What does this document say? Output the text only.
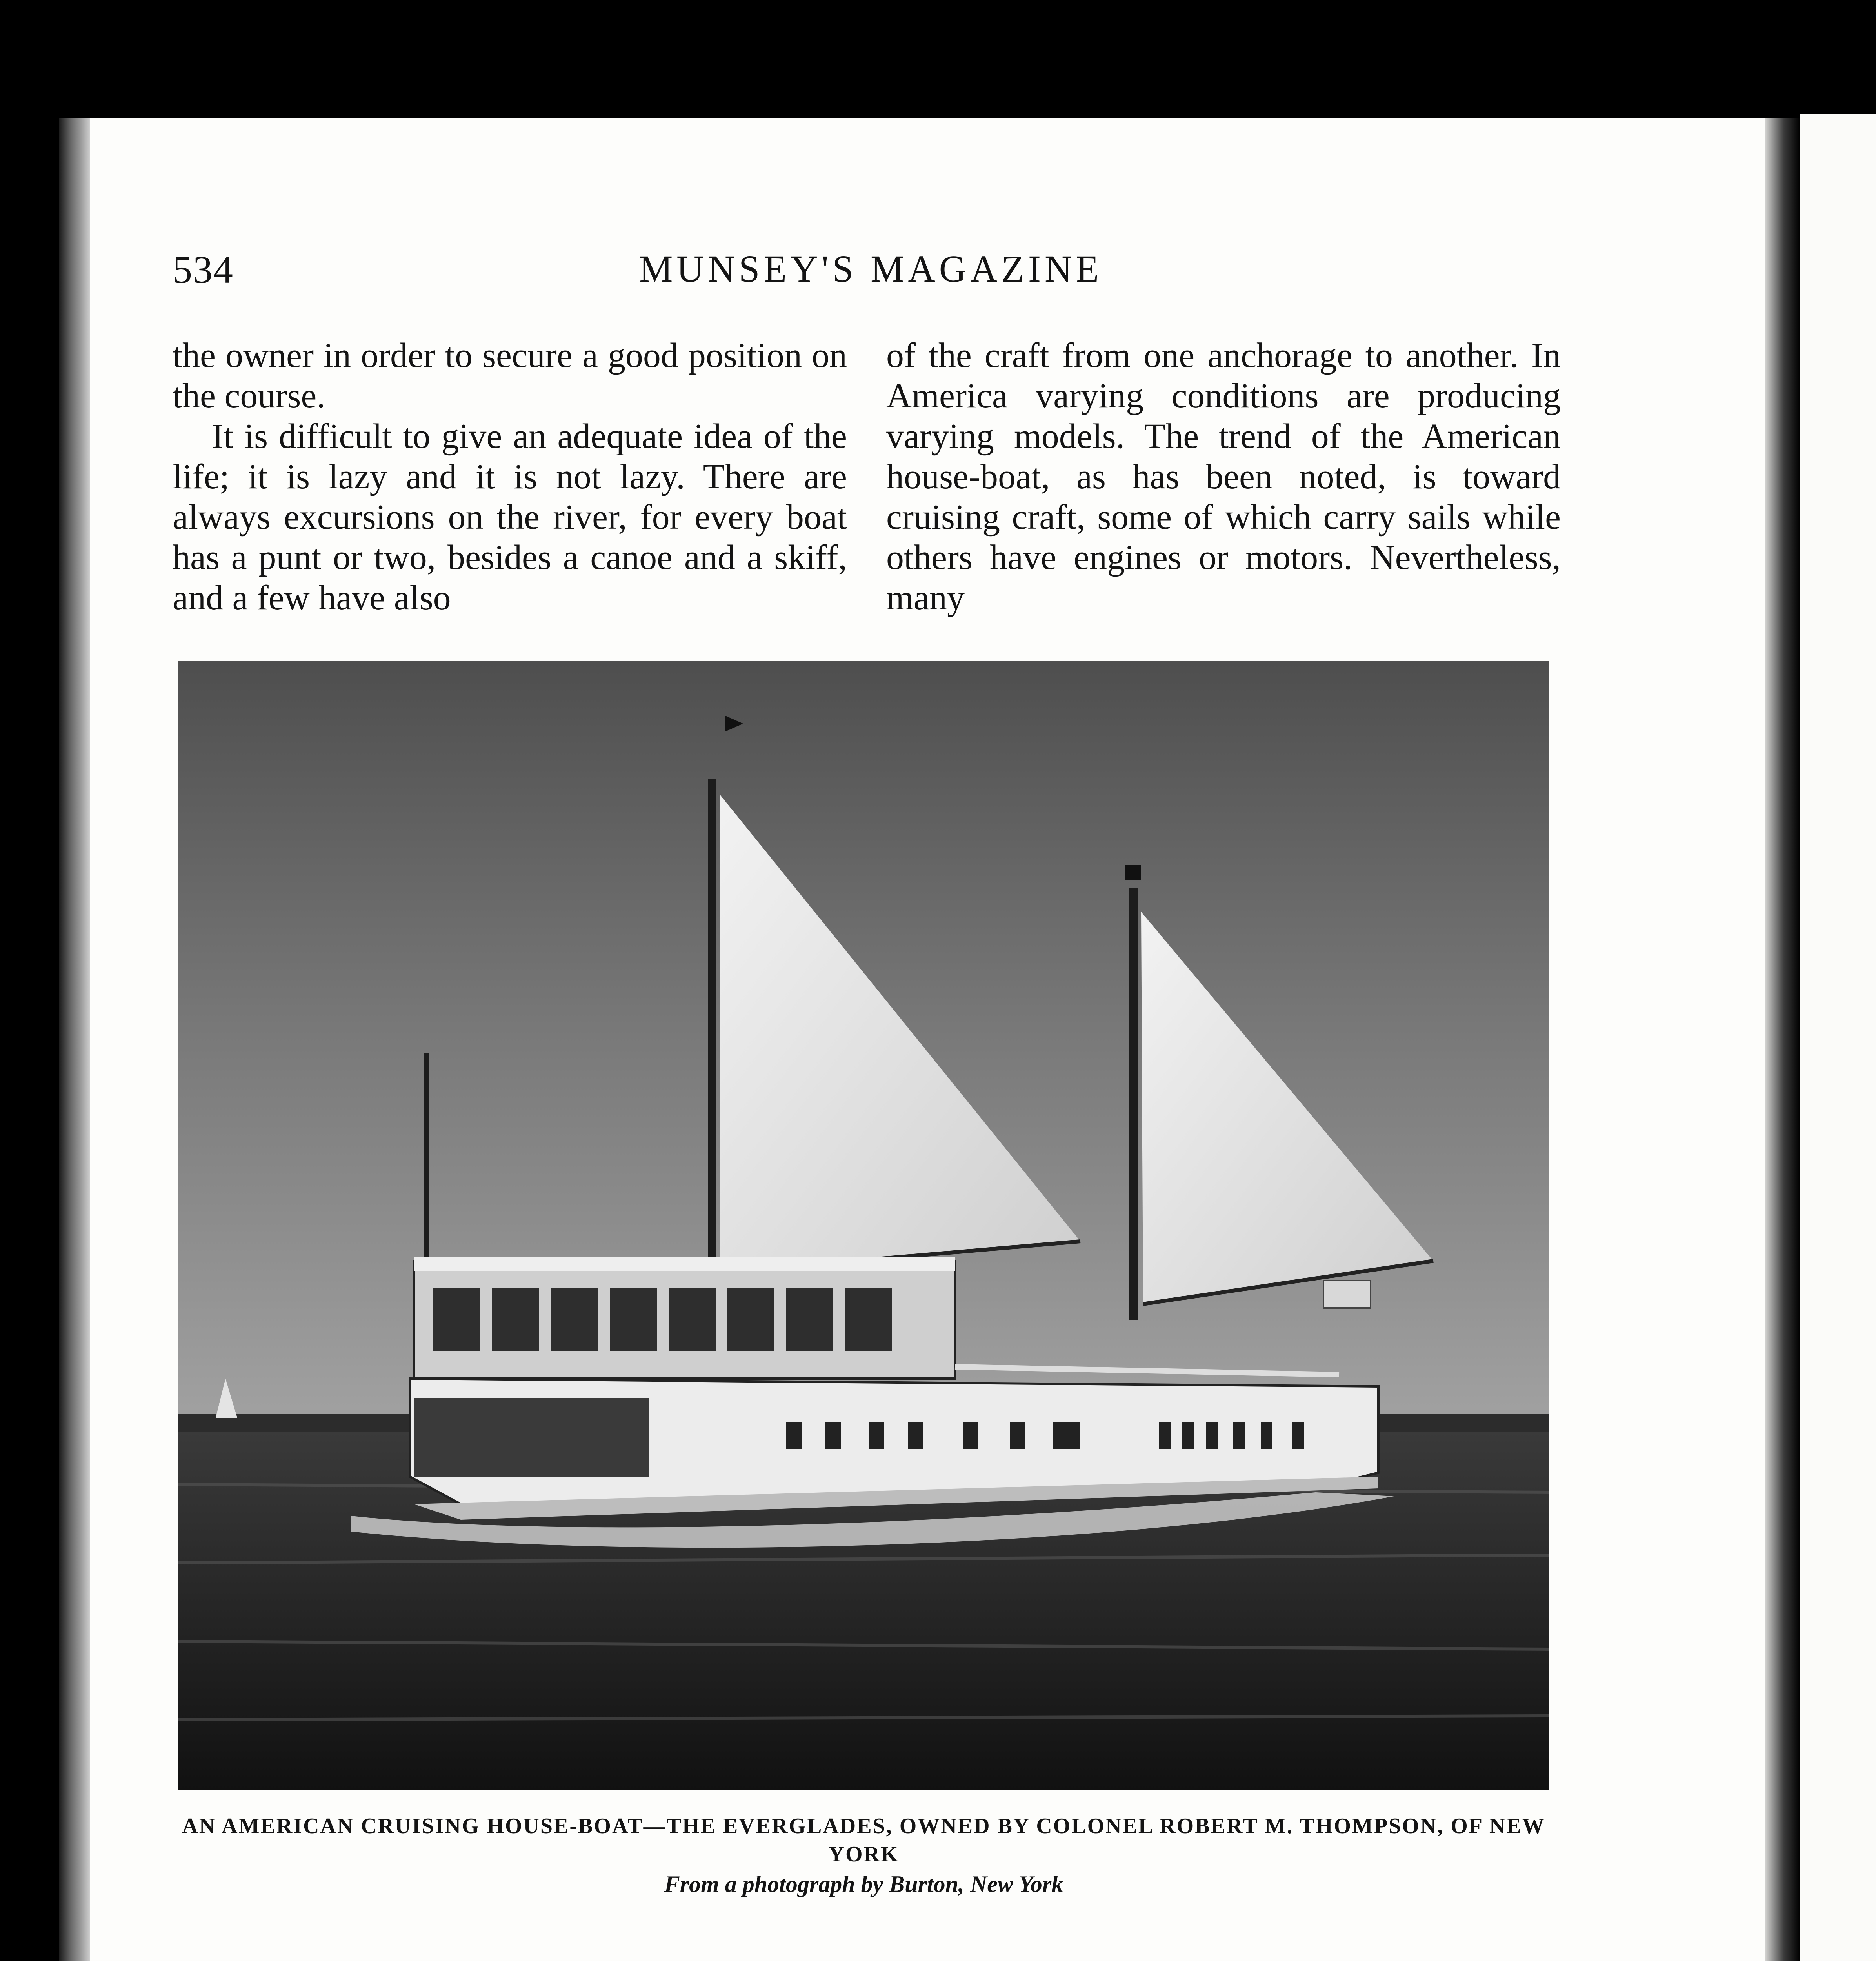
534	MUNSEY'S MAGAZINE

the owner in order to secure a good position on the course.

It is difficult to give an adequate idea of the life; it is lazy and it is not lazy. There are always excursions on the river, for every boat has a punt or two, besides a canoe and a skiff, and a few have also

of the craft from one anchorage to another. In America varying conditions are producing varying models. The trend of the American house-boat, as has been noted, is toward cruising craft, some of which carry sails while others have engines or motors. Nevertheless, many

AN AMERICAN CRUISING HOUSE-BOAT—THE EVERGLADES, OWNED BY COLONEL ROBERT M. THOMPSON, OF NEW YORK
From a photograph by Burton, New York
